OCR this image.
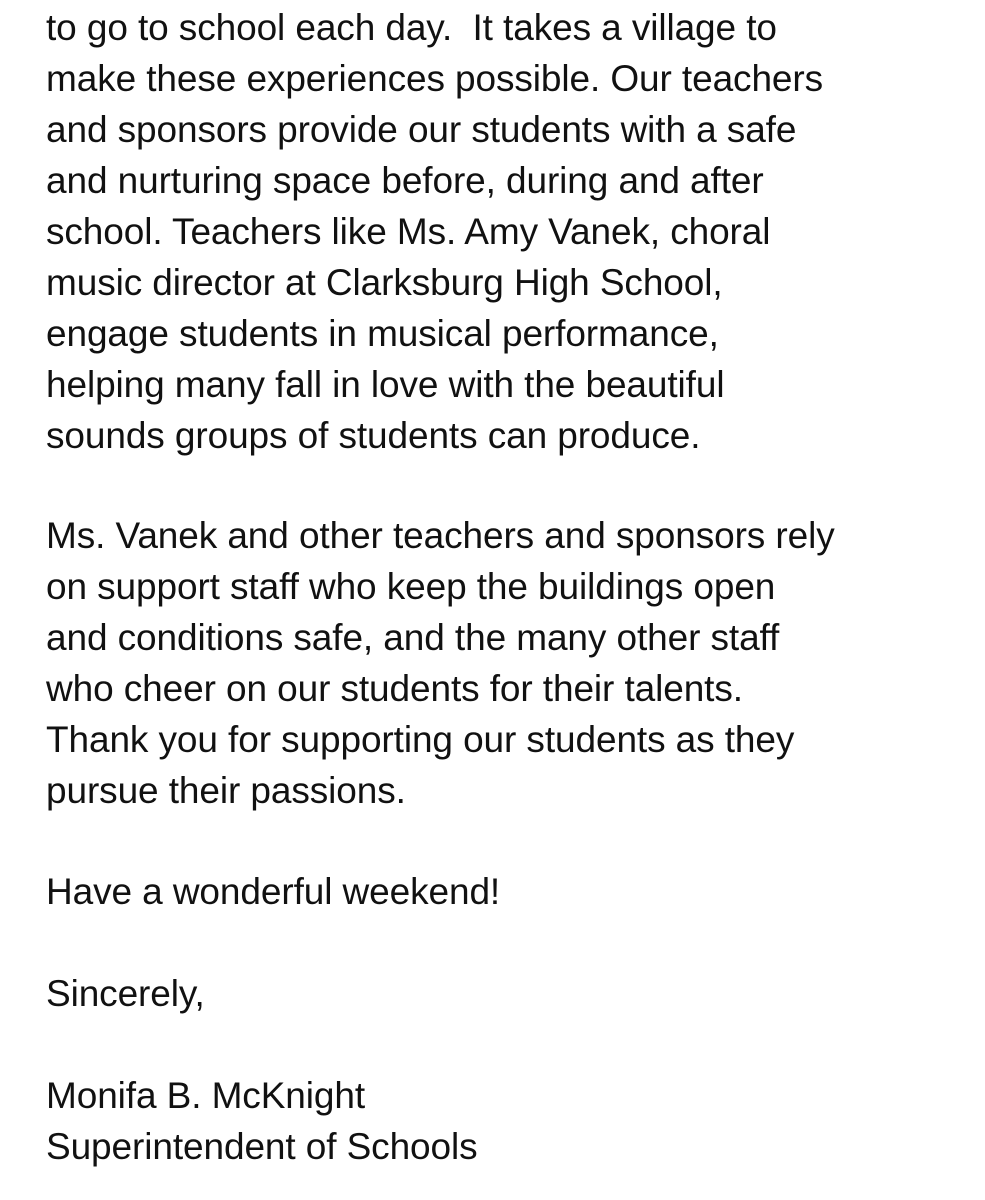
to go to school each day.  It takes a village to
make these experiences possible. Our teachers
and sponsors provide our students with a safe
and nurturing space before, during and after
school. Teachers like Ms. Amy Vanek, choral
music director at Clarksburg High School,
engage students in musical performance,
helping many fall in love with the beautiful
sounds groups of students can produce.
Ms. Vanek and other teachers and sponsors rely
on support staff who keep the buildings open
and conditions safe, and the many other staff
who cheer on our students for their talents.
Thank you for supporting our students as they
pursue their passions.
Have a wonderful weekend!
Sincerely,
Monifa B. McKnight
Superintendent of Schools
